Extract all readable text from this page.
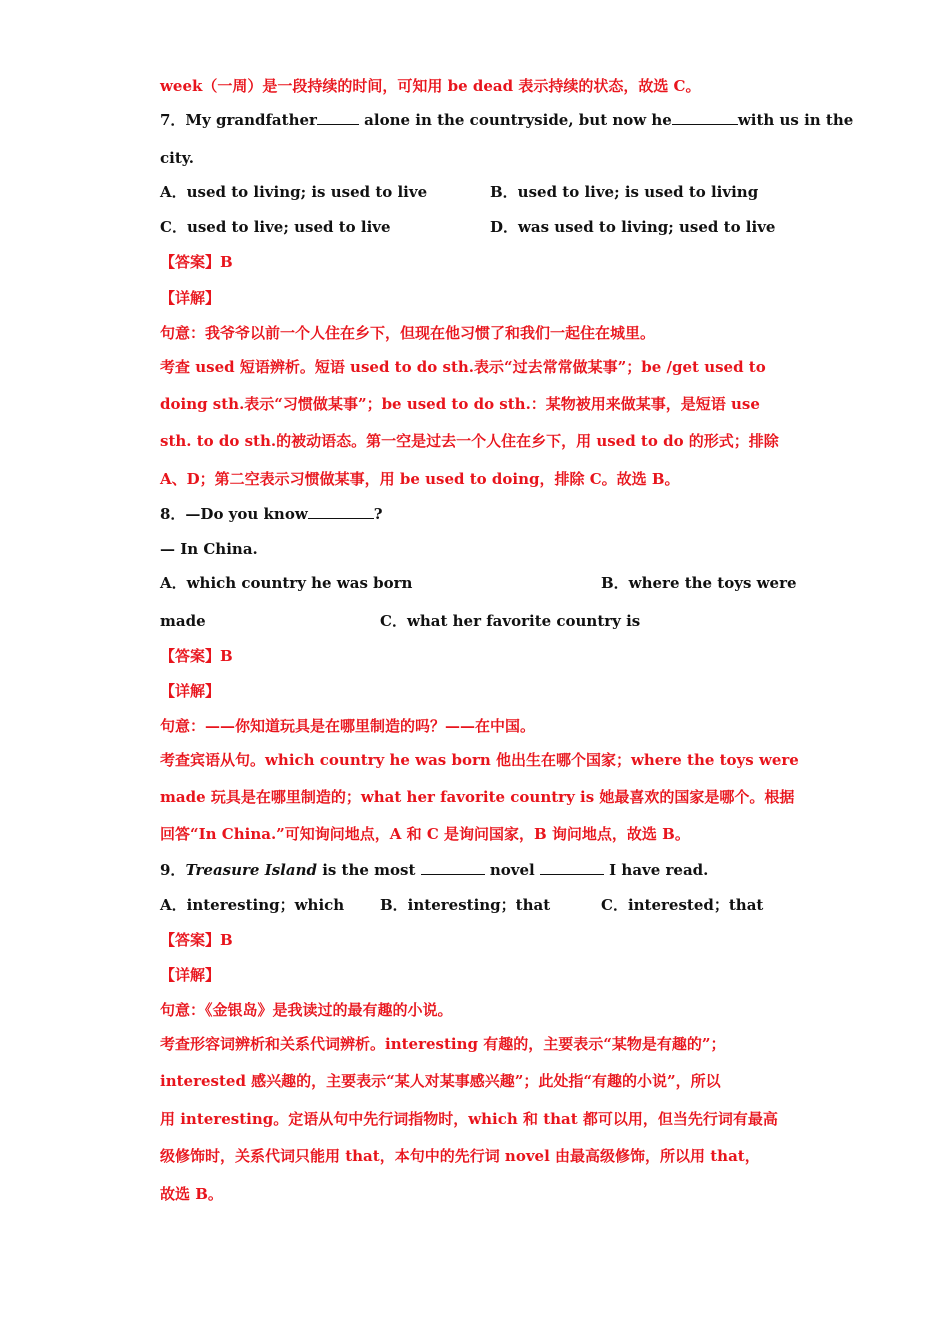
week（一周）是一段持续的时间，可知用 be dead 表示持续的状态，故选 C。

7．My grandfather	alone in the countryside, but now he	with us in the

city.

A．used to living; is used to live	B．used to live; is used to living
C．used to live; used to live	D．was used to living; used to live

【答案】B

【详解】

句意：我爷爷以前一个人住在乡下，但现在他习惯了和我们一起住在城里。

考查 used 短语辨析。短语 used to do sth.表示“过去常常做某事”；be /get used to

doing sth.表示“习惯做某事”；be used to do sth.：某物被用来做某事，是短语 use

sth. to do sth.的被动语态。第一空是过去一个人住在乡下，用 used to do 的形式；排除

A、D；第二空表示习惯做某事，用 be used to doing，排除 C。故选 B。

8．—Do you know	?

— In China.

A．which country he was born	B．where the toys were
made	C．what her favorite country is

【答案】B

【详解】

句意：——你知道玩具是在哪里制造的吗？——在中国。

考查宾语从句。which country he was born 他出生在哪个国家；where the toys were

made 玩具是在哪里制造的；what her favorite country is 她最喜欢的国家是哪个。根据

回答“In China.”可知询问地点，A 和 C 是询问国家，B 询问地点，故选 B。

9．Treasure Island is the most	novel	I have read.

A．interesting；which B．interesting；that	C．interested；that

【答案】B

【详解】

句意：《金银岛》是我读过的最有趣的小说。

考查形容词辨析和关系代词辨析。interesting 有趣的，主要表示“某物是有趣的”；

interested 感兴趣的，主要表示“某人对某事感兴趣”；此处指“有趣的小说”，所以

用 interesting。定语从句中先行词指物时，which 和 that 都可以用，但当先行词有最高

级修饰时，关系代词只能用 that，本句中的先行词 novel 由最高级修饰，所以用 that，

故选 B。
